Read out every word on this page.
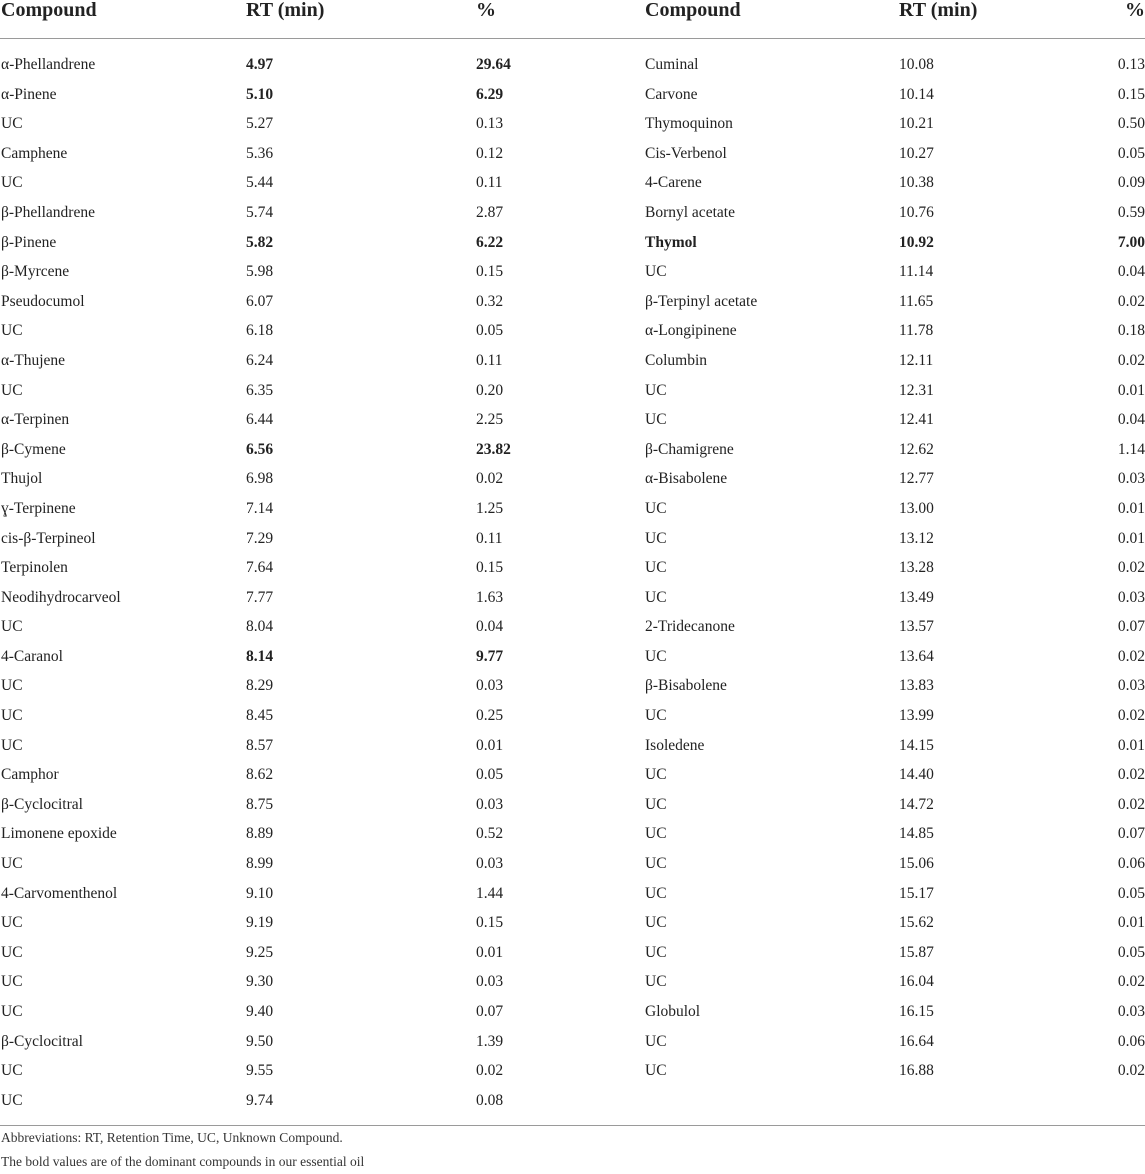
Compound	RT (min)	%	Compound	RT (min)	%
α-Phellandrene	4.97	29.64	Cuminal	10.08	0.13
α-Pinene	5.10	6.29	Carvone	10.14	0.15
UC	5.27	0.13	Thymoquinon	10.21	0.50
Camphene	5.36	0.12	Cis-Verbenol	10.27	0.05
UC	5.44	0.11	4-Carene	10.38	0.09
β-Phellandrene	5.74	2.87	Bornyl acetate	10.76	0.59
β-Pinene	5.82	6.22	Thymol	10.92	7.00
β-Myrcene	5.98	0.15	UC	11.14	0.04
Pseudocumol	6.07	0.32	β-Terpinyl acetate	11.65	0.02
UC	6.18	0.05	α-Longipinene	11.78	0.18
α-Thujene	6.24	0.11	Columbin	12.11	0.02
UC	6.35	0.20	UC	12.31	0.01
α-Terpinen	6.44	2.25	UC	12.41	0.04
β-Cymene	6.56	23.82	β-Chamigrene	12.62	1.14
Thujol	6.98	0.02	α-Bisabolene	12.77	0.03
ɣ-Terpinene	7.14	1.25	UC	13.00	0.01
cis-β-Terpineol	7.29	0.11	UC	13.12	0.01
Terpinolen	7.64	0.15	UC	13.28	0.02
Neodihydrocarveol	7.77	1.63	UC	13.49	0.03
UC	8.04	0.04	2-Tridecanone	13.57	0.07
4-Caranol	8.14	9.77	UC	13.64	0.02
UC	8.29	0.03	β-Bisabolene	13.83	0.03
UC	8.45	0.25	UC	13.99	0.02
UC	8.57	0.01	Isoledene	14.15	0.01
Camphor	8.62	0.05	UC	14.40	0.02
β-Cyclocitral	8.75	0.03	UC	14.72	0.02
Limonene epoxide	8.89	0.52	UC	14.85	0.07
UC	8.99	0.03	UC	15.06	0.06
4-Carvomenthenol	9.10	1.44	UC	15.17	0.05
UC	9.19	0.15	UC	15.62	0.01
UC	9.25	0.01	UC	15.87	0.05
UC	9.30	0.03	UC	16.04	0.02
UC	9.40	0.07	Globulol	16.15	0.03
β-Cyclocitral	9.50	1.39	UC	16.64	0.06
UC	9.55	0.02	UC	16.88	0.02
UC	9.74	0.08
Abbreviations: RT, Retention Time, UC, Unknown Compound.
The bold values are of the dominant compounds in our essential oil
